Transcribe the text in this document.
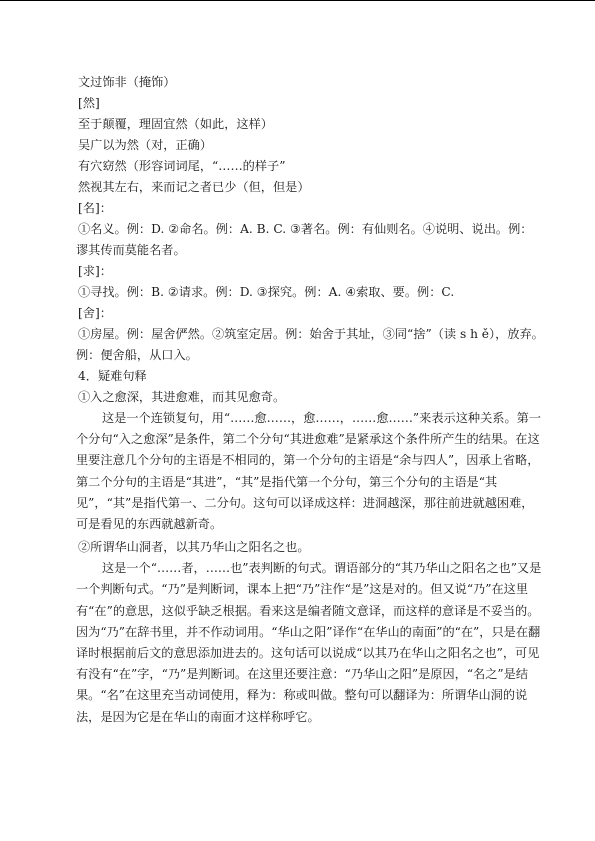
文过饰非（掩饰）
[然]
至于颠覆，理固宜然（如此，这样）
吴广以为然（对，正确）
有穴窈然（形容词词尾，“……的样子”
然视其左右，来而记之者已少（但，但是）
[名]：
①名义。例：D. ②命名。例：A. B. C. ③著名。例：有仙则名。④说明、说出。例：
谬其传而莫能名者。
[求]：
①寻找。例：B. ②请求。例：D. ③探究。例：A. ④索取、要。例：C.
[舍]：
①房屋。例：屋舍俨然。②筑室定居。例：始舍于其址，③同“捨”（读 s h ě），放弃。
例：便舍船，从口入。
4．疑难句释
①入之愈深，其进愈难，而其见愈奇。
这是一个连锁复句，用“……愈……，愈……，……愈……”来表示这种关系。第一个分句“入之愈深”是条件，第二个分句“其进愈难”是紧承这个条件所产生的结果。在这里要注意几个分句的主语是不相同的，第一个分句的主语是“余与四人”，因承上省略，第二个分句的主语是“其进”，“其”是指代第一个分句，第三个分句的主语是“其见”，“其”是指代第一、二分句。这句可以译成这样：进洞越深，那往前进就越困难，可是看见的东西就越新奇。
②所谓华山洞者，以其乃华山之阳名之也。
这是一个“……者，……也”表判断的句式。谓语部分的“其乃华山之阳名之也”又是一个判断句式。“乃”是判断词，课本上把“乃”注作“是”这是对的。但又说“乃”在这里有“在”的意思，这似乎缺乏根据。看来这是编者随文意译，而这样的意译是不妥当的。因为“乃”在辞书里，并不作动词用。“华山之阳”译作“在华山的南面”的“在”，只是在翻译时根据前后文的意思添加进去的。这句话可以说成“以其乃在华山之阳名之也”，可见有没有“在”字，“乃”是判断词。在这里还要注意：“乃华山之阳”是原因，“名之”是结果。“名”在这里充当动词使用，释为：称或叫做。整句可以翻译为：所谓华山洞的说法，是因为它是在华山的南面才这样称呼它。
